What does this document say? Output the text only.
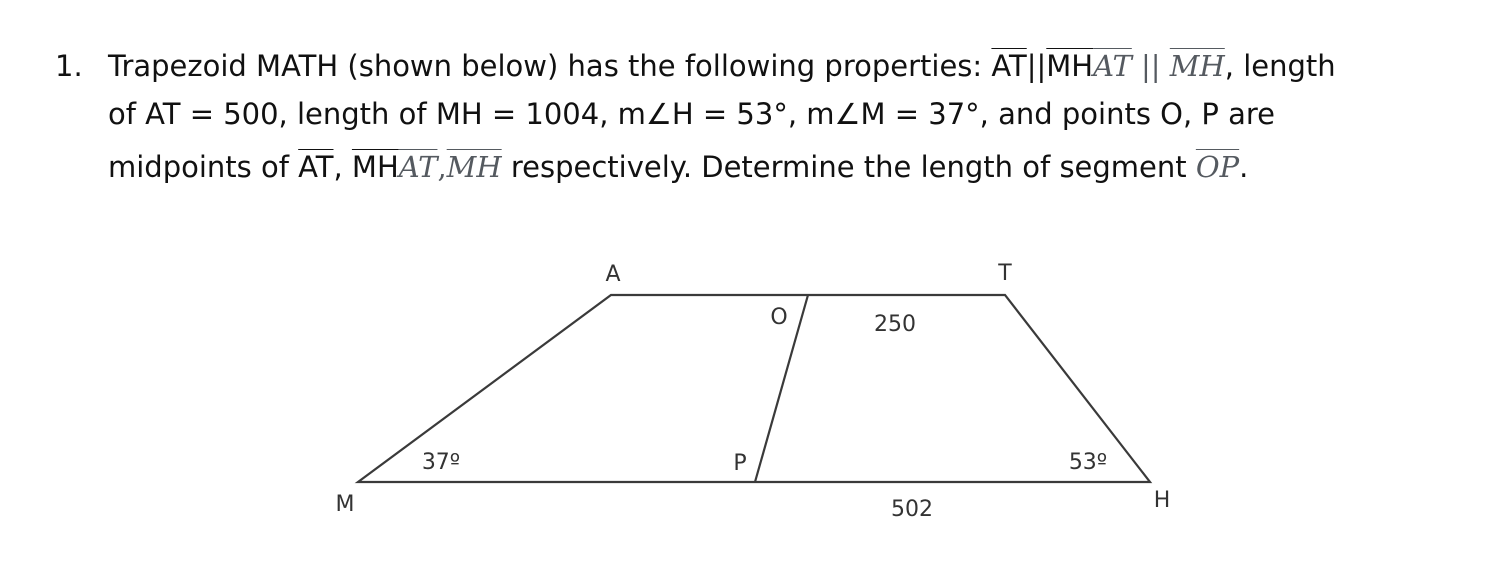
1. Trapezoid MATH (shown below) has the following properties: $\overline{AT}||\overline{MH}\overline{AT}$ || $\overline{MH}$, length
of AT = 500, length of MH = 1004, m∠H = 53°, m∠M = 37°, and points O, P are
midpoints of $\overline{AT}$, $\overline{MH}\overline{AT},\overline{MH}$ respectively. Determine the length of segment $\overline{OP}$.
A	T
M	H
O
P
37º	53º
250
502
